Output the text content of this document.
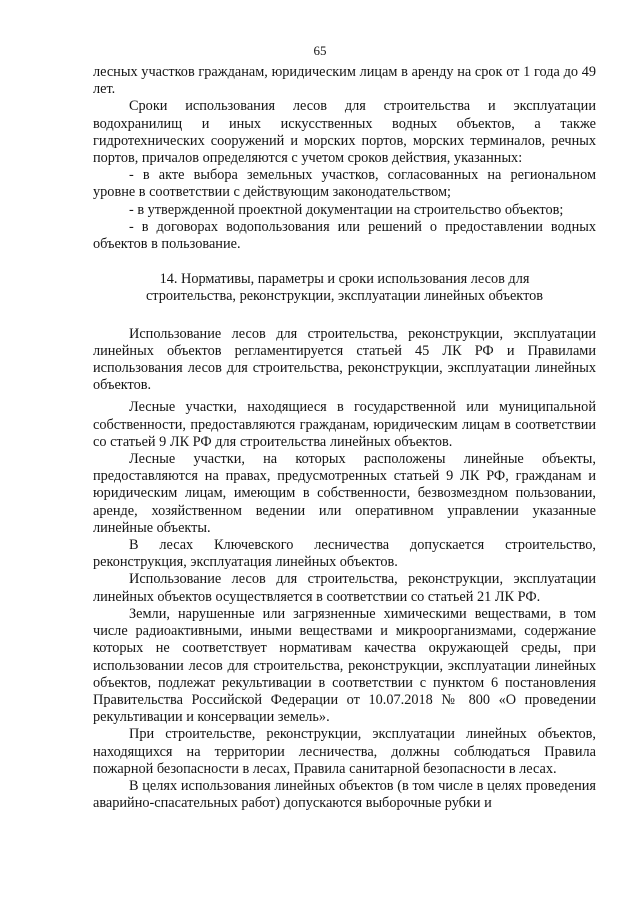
65

лесных участков гражданам, юридическим лицам в аренду на срок от 1 года до 49 лет.

Сроки использования лесов для строительства и эксплуатации водохранилищ и иных искусственных водных объектов, а также гидротехнических сооружений и морских портов, морских терминалов, речных портов, причалов определяются с учетом сроков действия, указанных:

- в акте выбора земельных участков, согласованных на региональном уровне в соответствии с действующим законодательством;

- в утвержденной проектной документации на строительство объектов;

- в договорах водопользования или решений о предоставлении водных объектов в пользование.

14. Нормативы, параметры и сроки использования лесов для
строительства, реконструкции, эксплуатации линейных объектов

Использование лесов для строительства, реконструкции, эксплуатации линейных объектов регламентируется статьей 45 ЛК РФ и Правилами использования лесов для строительства, реконструкции, эксплуатации линейных объектов.

Лесные участки, находящиеся в государственной или муниципальной собственности, предоставляются гражданам, юридическим лицам в соответствии со статьей 9 ЛК РФ для строительства линейных объектов.

Лесные участки, на которых расположены линейные объекты, предоставляются на правах, предусмотренных статьей 9 ЛК РФ, гражданам и юридическим лицам, имеющим в собственности, безвозмездном пользовании, аренде, хозяйственном ведении или оперативном управлении указанные линейные объекты.

В лесах Ключевского лесничества допускается строительство, реконструкция, эксплуатация линейных объектов.

Использование лесов для строительства, реконструкции, эксплуатации линейных объектов осуществляется в соответствии со статьей 21 ЛК РФ.

Земли, нарушенные или загрязненные химическими веществами, в том числе радиоактивными, иными веществами и микроорганизмами, содержание которых не соответствует нормативам качества окружающей среды, при использовании лесов для строительства, реконструкции, эксплуатации линейных объектов, подлежат рекультивации в соответствии с пунктом 6 постановления Правительства Российской Федерации от 10.07.2018 № 800 «О проведении рекультивации и консервации земель».

При строительстве, реконструкции, эксплуатации линейных объектов, находящихся на территории лесничества, должны соблюдаться Правила пожарной безопасности в лесах, Правила санитарной безопасности в лесах.

В целях использования линейных объектов (в том числе в целях проведения аварийно-спасательных работ) допускаются выборочные рубки и
